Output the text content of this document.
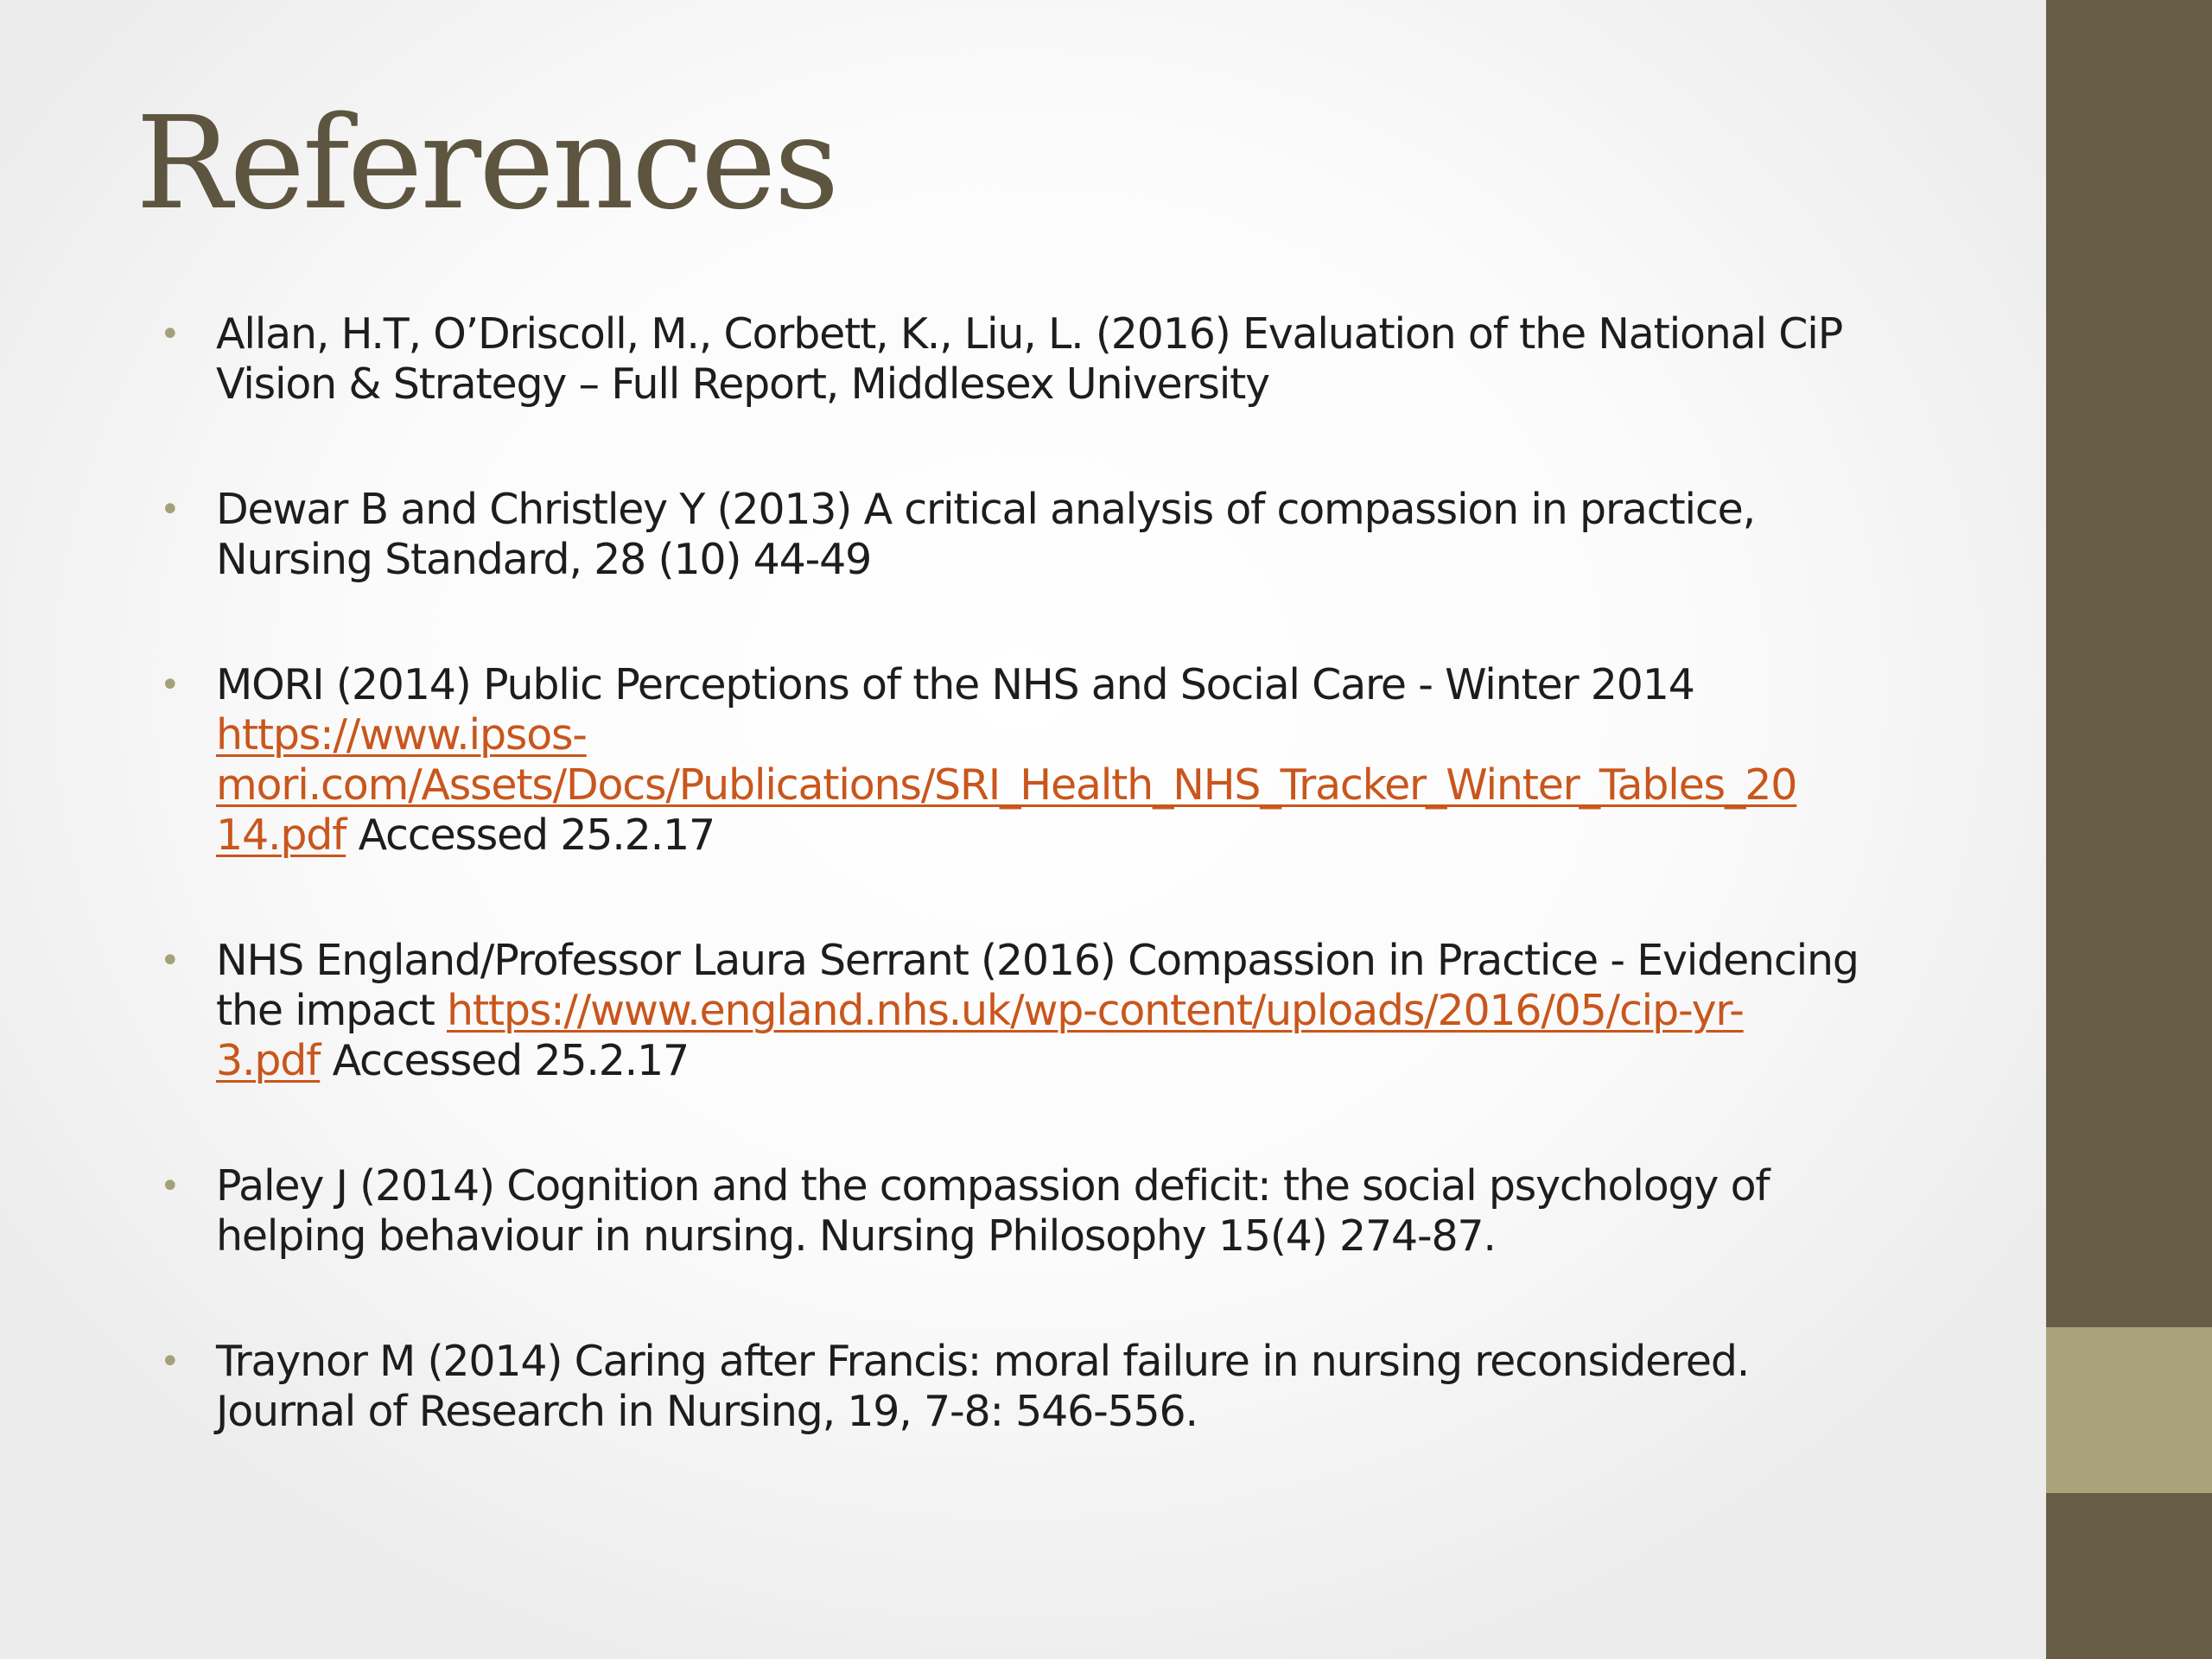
References
• Allan, H.T, O’Driscoll, M., Corbett, K., Liu, L. (2016) Evaluation of the National CiP
Vision & Strategy – Full Report, Middlesex University
• Dewar B and Christley Y (2013) A critical analysis of compassion in practice,
Nursing Standard, 28 (10) 44-49
• MORI (2014) Public Perceptions of the NHS and Social Care - Winter 2014
https://www.ipsos-
mori.com/Assets/Docs/Publications/SRI_Health_NHS_Tracker_Winter_Tables_20
14.pdf Accessed 25.2.17
• NHS England/Professor Laura Serrant (2016) Compassion in Practice - Evidencing
the impact https://www.england.nhs.uk/wp-content/uploads/2016/05/cip-yr-
3.pdf Accessed 25.2.17
• Paley J (2014) Cognition and the compassion deficit: the social psychology of
helping behaviour in nursing. Nursing Philosophy 15(4) 274-87.
• Traynor M (2014) Caring after Francis: moral failure in nursing reconsidered.
Journal of Research in Nursing, 19, 7-8: 546-556.
